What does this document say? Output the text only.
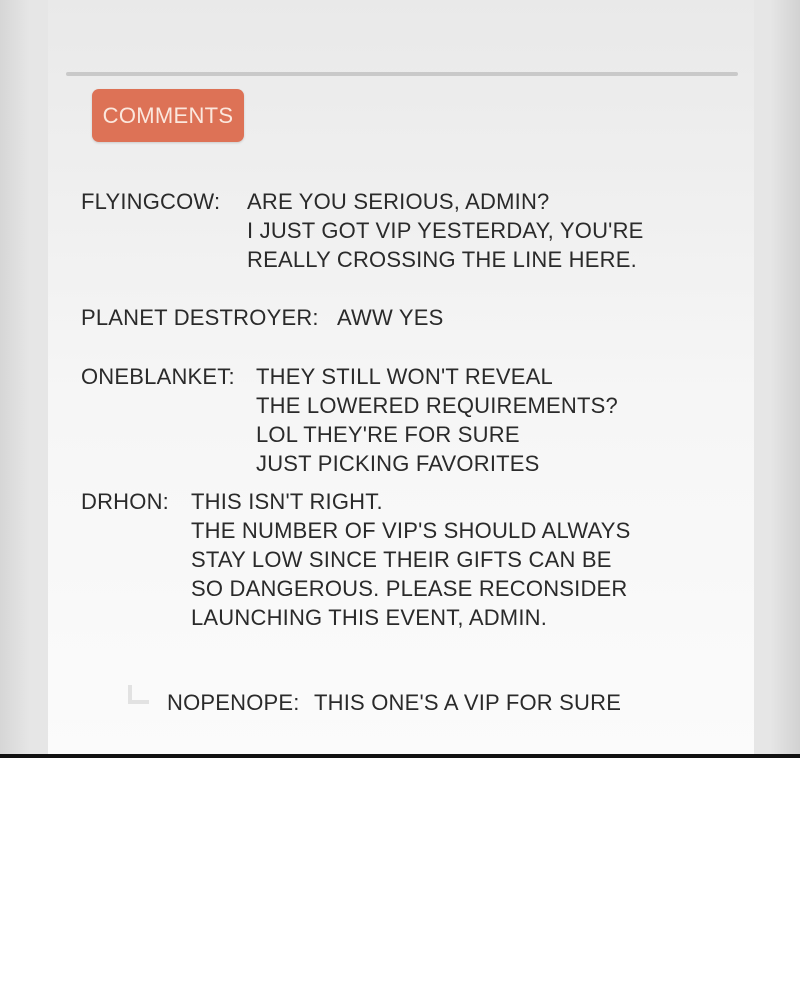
COMMENTS
FLYINGCOW: ARE YOU SERIOUS, ADMIN?
I JUST GOT VIP YESTERDAY, YOU'RE
REALLY CROSSING THE LINE HERE.
PLANET DESTROYER: AWW YES
ONEBLANKET: THEY STILL WON'T REVEAL
THE LOWERED REQUIREMENTS?
LOL THEY'RE FOR SURE
JUST PICKING FAVORITES
DRHON: THIS ISN'T RIGHT.
THE NUMBER OF VIP'S SHOULD ALWAYS
STAY LOW SINCE THEIR GIFTS CAN BE
SO DANGEROUS. PLEASE RECONSIDER
LAUNCHING THIS EVENT, ADMIN.
NOPENOPE: THIS ONE'S A VIP FOR SURE
